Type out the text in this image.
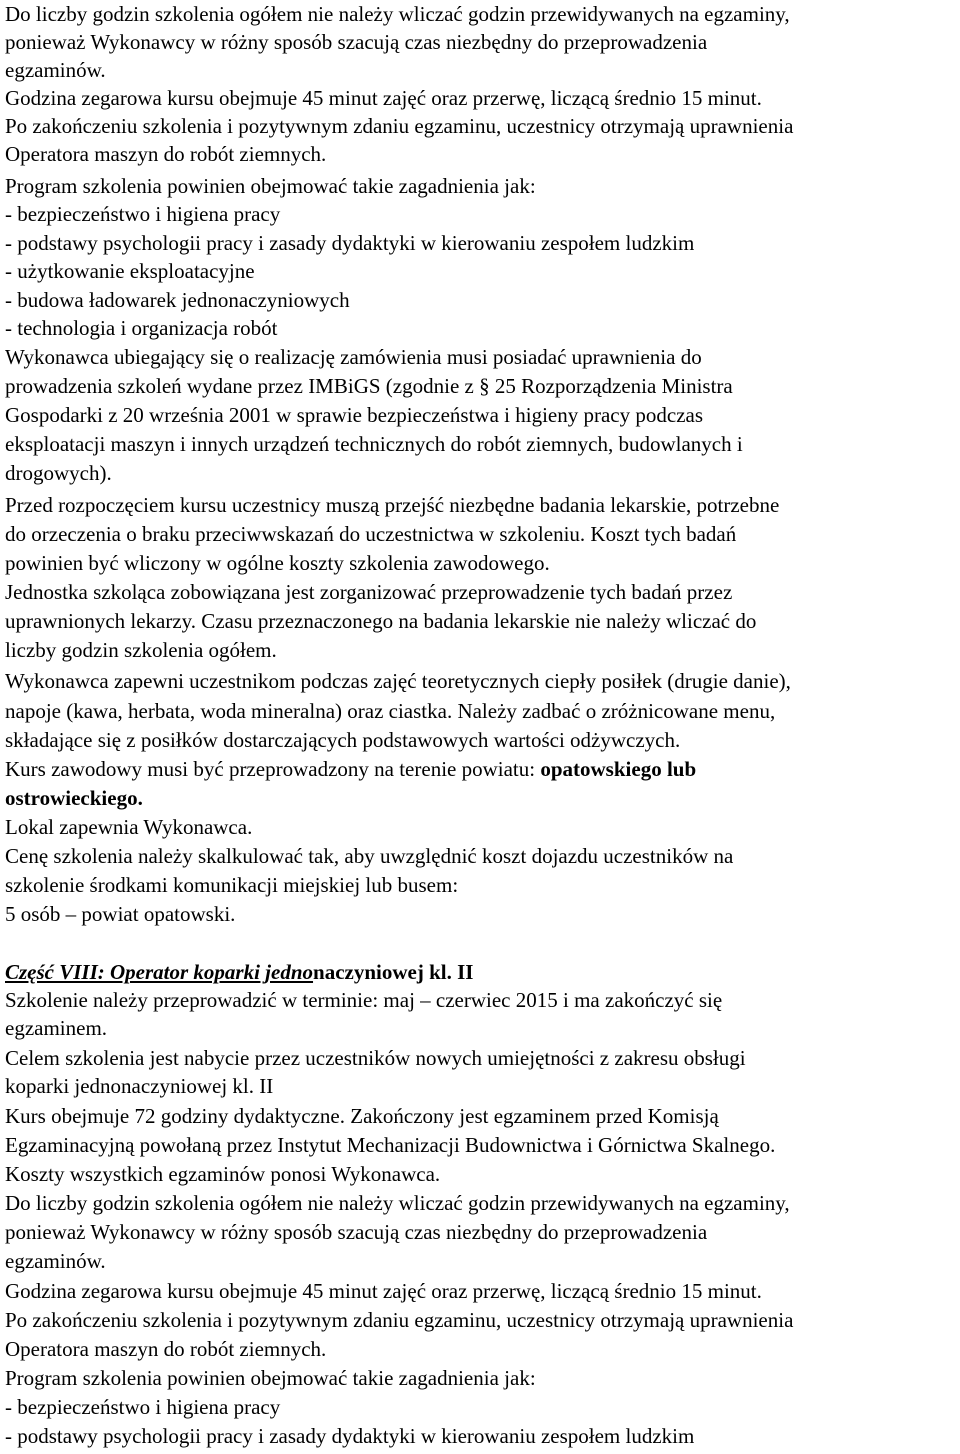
Do liczby godzin szkolenia ogółem nie należy wliczać godzin przewidywanych na egzaminy,

ponieważ Wykonawcy w różny sposób szacują czas niezbędny do przeprowadzenia

egzaminów.

Godzina zegarowa kursu obejmuje 45 minut zajęć oraz przerwę, liczącą średnio 15 minut.

Po zakończeniu szkolenia i pozytywnym zdaniu egzaminu, uczestnicy otrzymają uprawnienia

Operatora maszyn do robót ziemnych.

Program szkolenia powinien obejmować takie zagadnienia jak:

- bezpieczeństwo i higiena pracy

- podstawy psychologii pracy i zasady dydaktyki w kierowaniu zespołem ludzkim

- użytkowanie eksploatacyjne

- budowa ładowarek jednonaczyniowych

- technologia i organizacja robót

Wykonawca ubiegający się o realizację zamówienia musi posiadać uprawnienia do

prowadzenia szkoleń wydane przez IMBiGS (zgodnie z § 25 Rozporządzenia Ministra

Gospodarki z 20 września 2001 w sprawie bezpieczeństwa i higieny pracy podczas

eksploatacji maszyn i innych urządzeń technicznych do robót ziemnych, budowlanych i

drogowych).

Przed rozpoczęciem kursu uczestnicy muszą przejść niezbędne badania lekarskie, potrzebne

do orzeczenia o braku przeciwwskazań do uczestnictwa w szkoleniu. Koszt tych badań

powinien być wliczony w ogólne koszty szkolenia zawodowego.

Jednostka szkoląca zobowiązana jest zorganizować przeprowadzenie tych badań przez

uprawnionych lekarzy. Czasu przeznaczonego na badania lekarskie nie należy wliczać do

liczby godzin szkolenia ogółem.

Wykonawca zapewni uczestnikom podczas zajęć teoretycznych ciepły posiłek (drugie danie),

napoje (kawa, herbata, woda mineralna) oraz ciastka. Należy zadbać o zróżnicowane menu,

składające się z posiłków dostarczających podstawowych wartości odżywczych.

Kurs zawodowy musi być przeprowadzony na terenie powiatu: opatowskiego lub

ostrowieckiego.

Lokal zapewnia Wykonawca.

Cenę szkolenia należy skalkulować tak, aby uwzględnić koszt dojazdu uczestników na

szkolenie środkami komunikacji miejskiej lub busem:

5 osób – powiat opatowski.

Część VIII: Operator koparki jednonaczyniowej kl. II

Szkolenie należy przeprowadzić w terminie: maj – czerwiec 2015 i ma zakończyć się

egzaminem.

Celem szkolenia jest nabycie przez uczestników nowych umiejętności z zakresu obsługi

koparki jednonaczyniowej kl. II

Kurs obejmuje 72 godziny dydaktyczne. Zakończony jest egzaminem przed Komisją

Egzaminacyjną powołaną przez Instytut Mechanizacji Budownictwa i Górnictwa Skalnego.

Koszty wszystkich egzaminów ponosi Wykonawca.

Do liczby godzin szkolenia ogółem nie należy wliczać godzin przewidywanych na egzaminy,

ponieważ Wykonawcy w różny sposób szacują czas niezbędny do przeprowadzenia

egzaminów.

Godzina zegarowa kursu obejmuje 45 minut zajęć oraz przerwę, liczącą średnio 15 minut.

Po zakończeniu szkolenia i pozytywnym zdaniu egzaminu, uczestnicy otrzymają uprawnienia

Operatora maszyn do robót ziemnych.

Program szkolenia powinien obejmować takie zagadnienia jak:

- bezpieczeństwo i higiena pracy

- podstawy psychologii pracy i zasady dydaktyki w kierowaniu zespołem ludzkim
